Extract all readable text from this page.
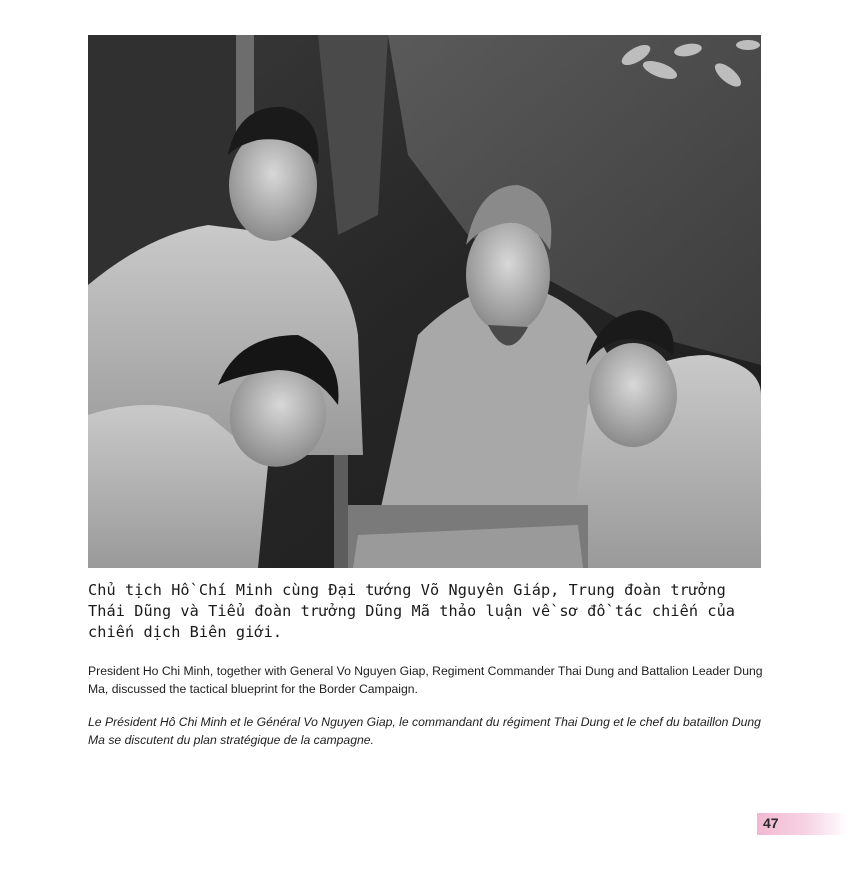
Chủ tịch Hồ Chí Minh cùng Đại tướng Võ Nguyên Giáp, Trung đoàn trưởng Thái Dũng và Tiểu đoàn trưởng Dũng Mã thảo luận về sơ đồ tác chiến của chiến dịch Biên giới.
President Ho Chi Minh, together with General Vo Nguyen Giap, Regiment Commander Thai Dung and Battalion Leader Dung Ma, discussed the tactical blueprint for the Border Campaign.
Le Président Hô Chi Minh et le Général Vo Nguyen Giap, le commandant du régiment Thai Dung et le chef du bataillon Dung Ma se discutent du plan stratégique de la campagne.
47
